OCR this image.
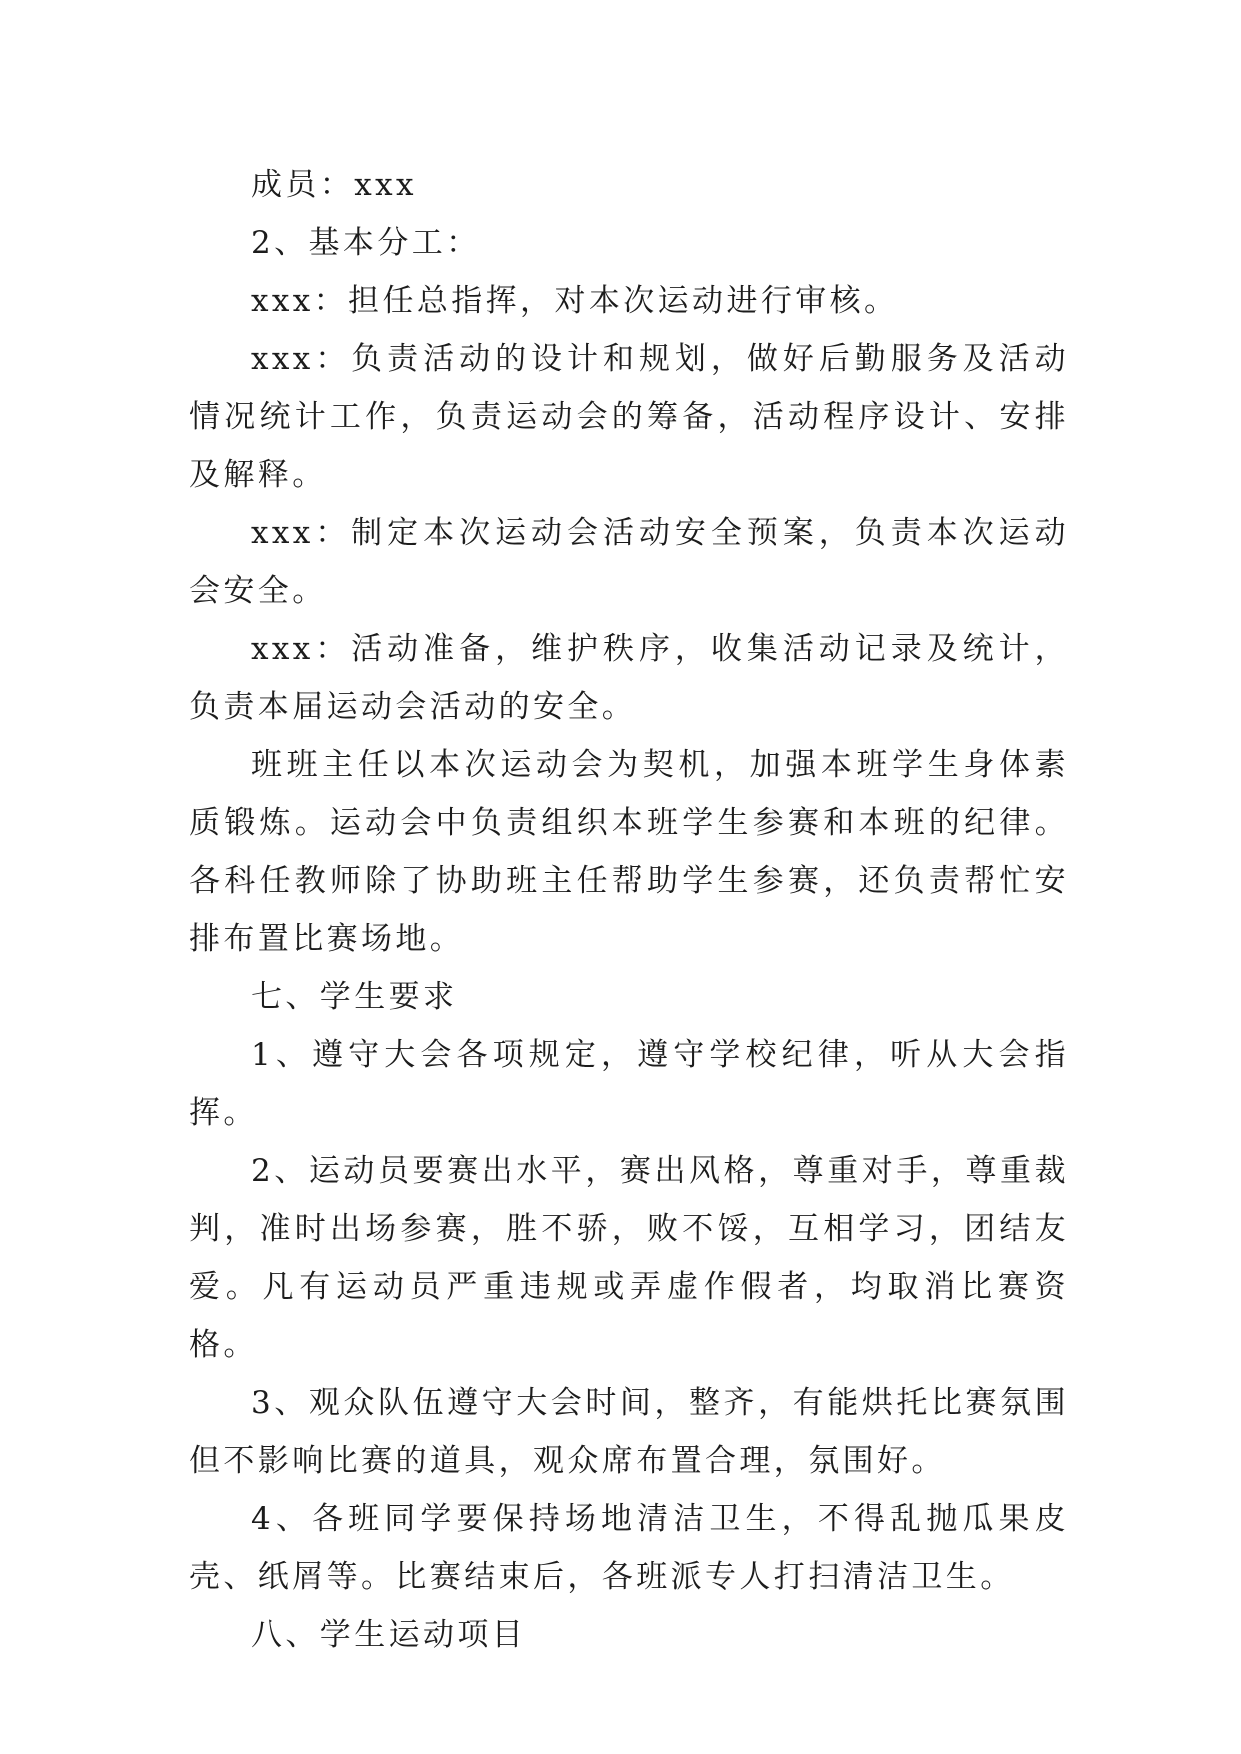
成员：xxx

2、基本分工：

xxx：担任总指挥，对本次运动进行审核。

xxx：负责活动的设计和规划，做好后勤服务及活动情况统计工作，负责运动会的筹备，活动程序设计、安排及解释。

xxx：制定本次运动会活动安全预案，负责本次运动会安全。

xxx：活动准备，维护秩序，收集活动记录及统计，负责本届运动会活动的安全。

班班主任以本次运动会为契机，加强本班学生身体素质锻炼。运动会中负责组织本班学生参赛和本班的纪律。各科任教师除了协助班主任帮助学生参赛，还负责帮忙安排布置比赛场地。

七、学生要求

1、遵守大会各项规定，遵守学校纪律，听从大会指挥。

2、运动员要赛出水平，赛出风格，尊重对手，尊重裁判，准时出场参赛，胜不骄，败不馁，互相学习，团结友爱。凡有运动员严重违规或弄虚作假者，均取消比赛资格。

3、观众队伍遵守大会时间，整齐，有能烘托比赛氛围但不影响比赛的道具，观众席布置合理，氛围好。

4、各班同学要保持场地清洁卫生，不得乱抛瓜果皮壳、纸屑等。比赛结束后，各班派专人打扫清洁卫生。

八、学生运动项目
